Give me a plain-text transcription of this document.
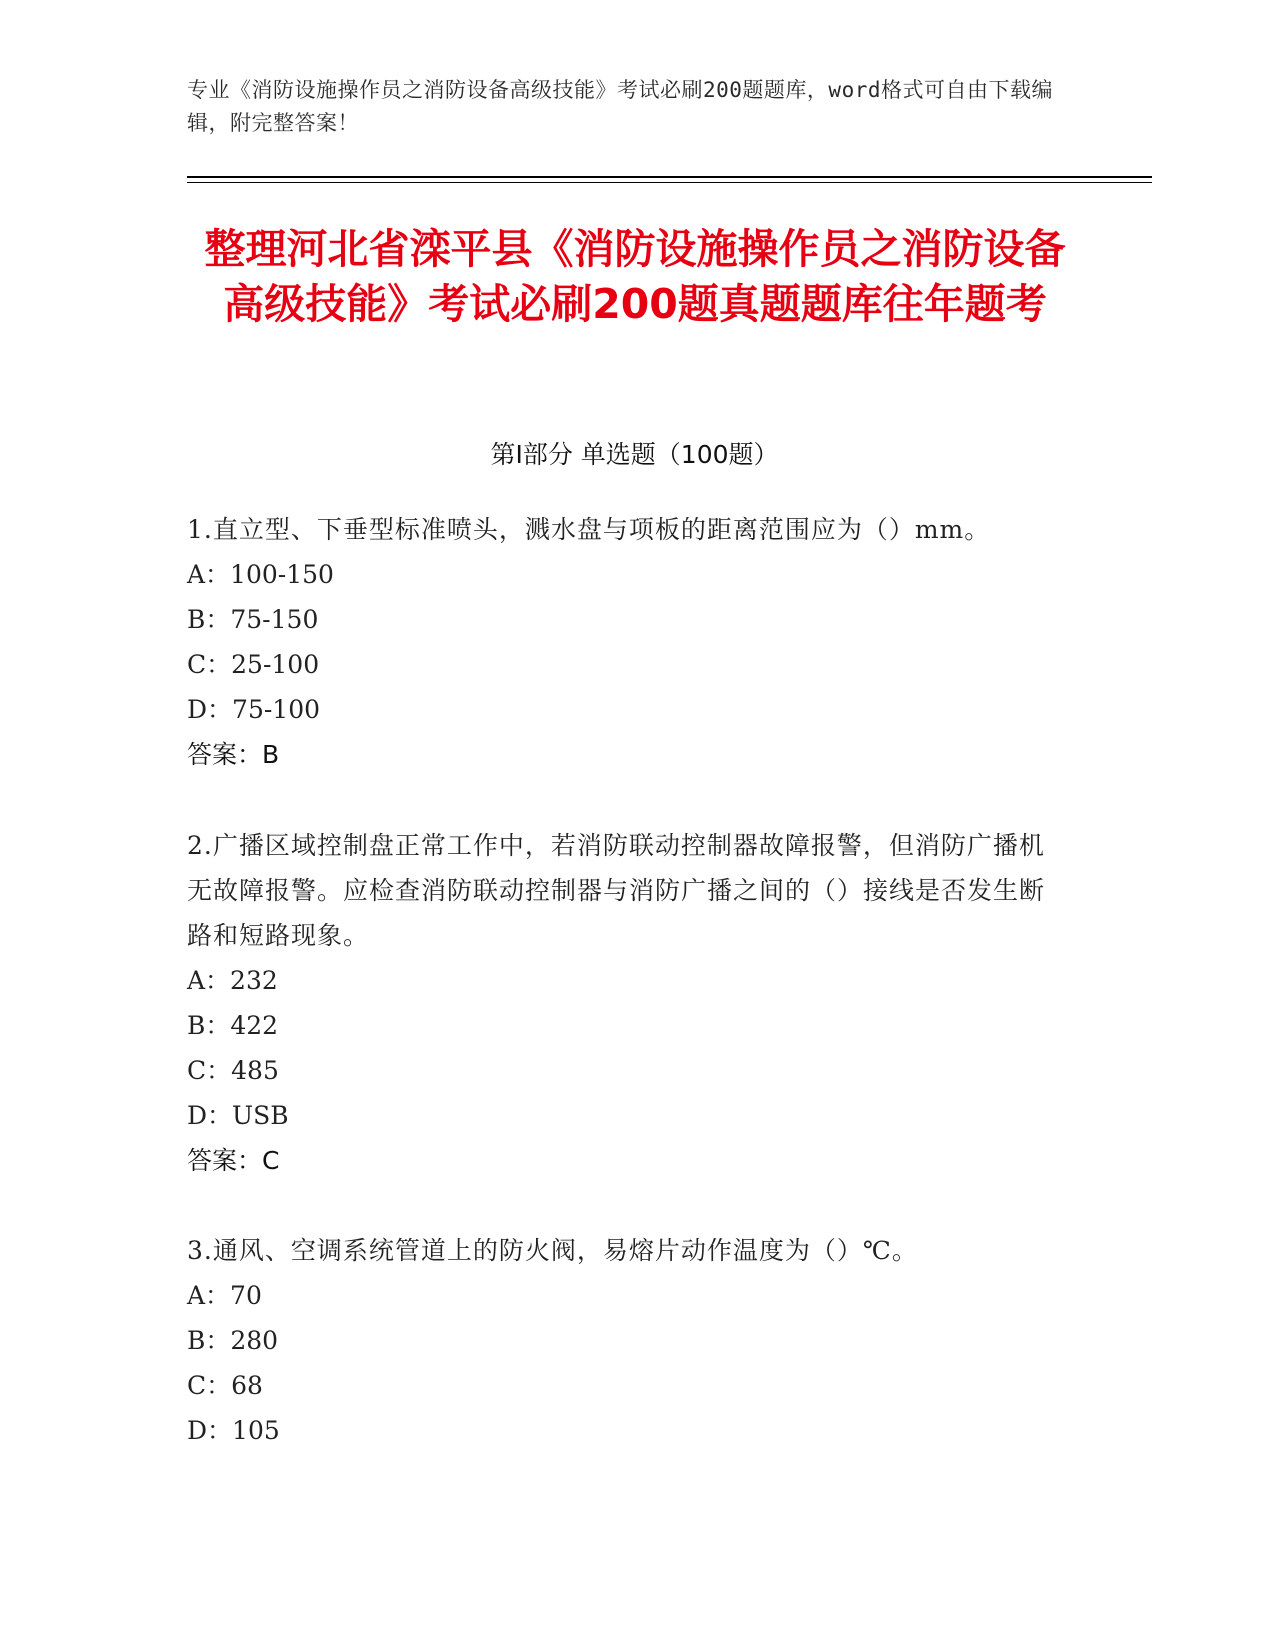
专业《消防设施操作员之消防设备高级技能》考试必刷200题题库，word格式可自由下载编辑，附完整答案！
整理河北省滦平县《消防设施操作员之消防设备高级技能》考试必刷200题真题题库往年题考
第Ⅰ部分 单选题（100题）
1.直立型、下垂型标准喷头，溅水盘与项板的距离范围应为（）mm。
A：100-150
B：75-150
C：25-100
D：75-100
答案：B
2.广播区域控制盘正常工作中，若消防联动控制器故障报警，但消防广播机无故障报警。应检查消防联动控制器与消防广播之间的（）接线是否发生断路和短路现象。
A：232
B：422
C：485
D：USB
答案：C
3.通风、空调系统管道上的防火阀，易熔片动作温度为（）℃。
A：70
B：280
C：68
D：105
